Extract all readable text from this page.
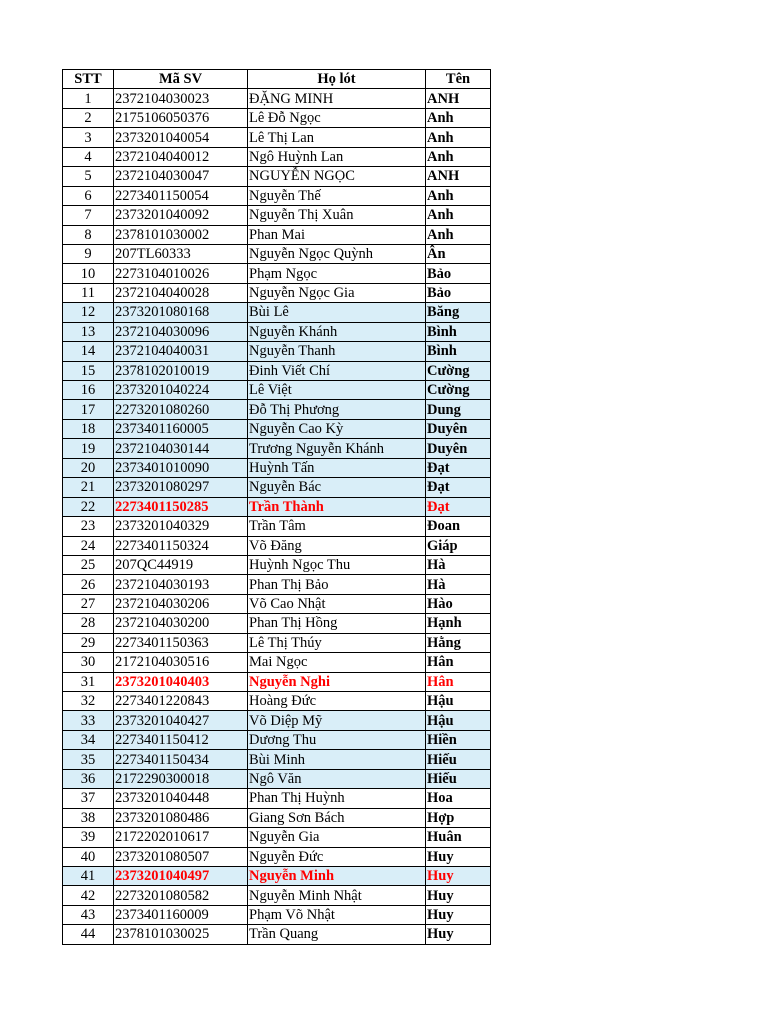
STT	Mã SV	Họ lót	Tên
1	2372104030023	ĐẶNG MINH	ANH
2	2175106050376	Lê Đỗ Ngọc	Anh
3	2373201040054	Lê Thị Lan	Anh
4	2372104040012	Ngô Huỳnh Lan	Anh
5	2372104030047	NGUYỄN NGỌC	ANH
6	2273401150054	Nguyễn Thế	Anh
7	2373201040092	Nguyễn Thị Xuân	Anh
8	2378101030002	Phan Mai	Anh
9	207TL60333	Nguyễn Ngọc Quỳnh	Ân
10	2273104010026	Phạm Ngọc	Bảo
11	2372104040028	Nguyễn Ngọc Gia	Bảo
12	2373201080168	Bùi Lê	Băng
13	2372104030096	Nguyễn Khánh	Bình
14	2372104040031	Nguyễn Thanh	Bình
15	2378102010019	Đinh Viết Chí	Cường
16	2373201040224	Lê Việt	Cường
17	2273201080260	Đỗ Thị Phương	Dung
18	2373401160005	Nguyễn Cao Kỳ	Duyên
19	2372104030144	Trương Nguyễn Khánh	Duyên
20	2373401010090	Huỳnh Tấn	Đạt
21	2373201080297	Nguyễn Bác	Đạt
22	2273401150285	Trần Thành	Đạt
23	2373201040329	Trần Tâm	Đoan
24	2273401150324	Võ Đăng	Giáp
25	207QC44919	Huỳnh Ngọc Thu	Hà
26	2372104030193	Phan Thị Bảo	Hà
27	2372104030206	Võ Cao Nhật	Hào
28	2372104030200	Phan Thị Hồng	Hạnh
29	2273401150363	Lê Thị Thúy	Hằng
30	2172104030516	Mai Ngọc	Hân
31	2373201040403	Nguyễn Nghi	Hân
32	2273401220843	Hoàng Đức	Hậu
33	2373201040427	Võ Diệp Mỹ	Hậu
34	2273401150412	Dương Thu	Hiền
35	2273401150434	Bùi Minh	Hiếu
36	2172290300018	Ngô Văn	Hiếu
37	2373201040448	Phan Thị Huỳnh	Hoa
38	2373201080486	Giang Sơn Bách	Hợp
39	2172202010617	Nguyễn Gia	Huân
40	2373201080507	Nguyễn Đức	Huy
41	2373201040497	Nguyễn Minh	Huy
42	2273201080582	Nguyễn Minh Nhật	Huy
43	2373401160009	Phạm Võ Nhật	Huy
44	2378101030025	Trần Quang	Huy
